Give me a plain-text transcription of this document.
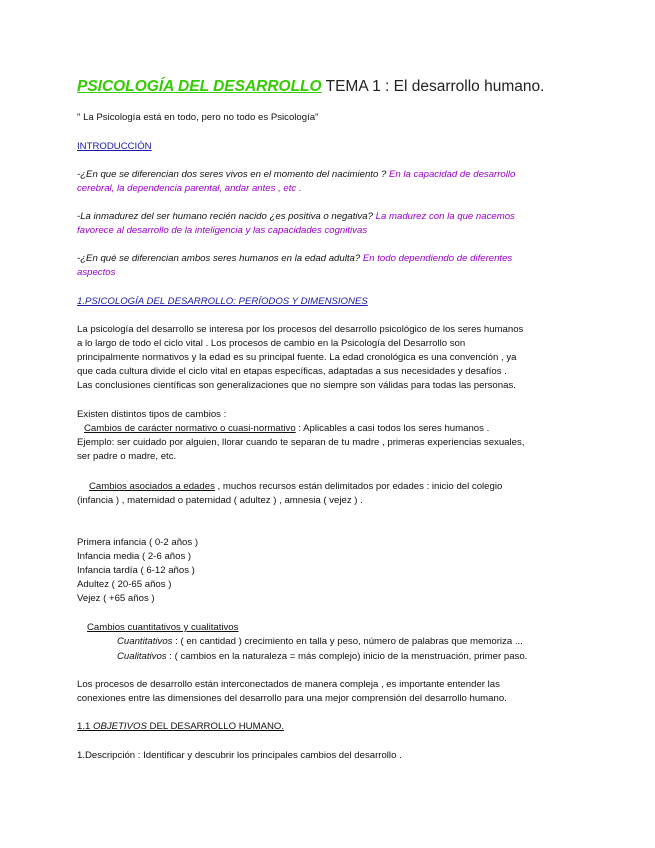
PSICOLOGÍA DEL DESARROLLO TEMA 1 : El desarrollo humano.
" La Psicología está en todo, pero no todo es Psicología"
INTRODUCCIÓN
-¿En que se diferencian dos seres vivos en el momento del nacimiento ? En la capacidad de desarrollo
cerebral, la dependencia parental, andar antes , etc .
-La inmadurez del ser humano recién nacido ¿es positiva o negativa? La madurez con la que nacemos
favorece al desarrollo de la inteligencia y las capacidades cognitivas
-¿En qué se diferencian ambos seres humanos en la edad adulta? En todo dependiendo de diferentes
aspectos
1.PSICOLOGÍA DEL DESARROLLO: PERÍODOS Y DIMENSIONES
La psicología del desarrollo se interesa por los procesos del desarrollo psicológico de los seres humanos
a lo largo de todo el ciclo vital . Los procesos de cambio en la Psicología del Desarrollo son
principalmente normativos y la edad es su principal fuente. La edad cronológica es una convención , ya
que cada cultura divide el ciclo vital en etapas específicas, adaptadas a sus necesidades y desafíos .
Las conclusiones científicas son generalizaciones que no siempre son válidas para todas las personas.
Existen distintos tipos de cambios :
Cambios de carácter normativo o cuasi-normativo : Aplicables a casi todos los seres humanos .
Ejemplo: ser cuidado por alguien, llorar cuando te separan de tu madre , primeras experiencias sexuales,
ser padre o madre, etc.
Cambios asociados a edades , muchos recursos están delimitados por edades : inicio del colegio
(infancia ) , maternidad o paternidad ( adultez ) , amnesia ( vejez ) .
Primera infancia ( 0-2 años )
Infancia media ( 2-6 años )
Infancia tardía ( 6-12 años )
Adultez ( 20-65 años )
Vejez ( +65 años )
Cambios cuantitativos y cualitativos
Cuantitativos : ( en cantidad ) crecimiento en talla y peso, número de palabras que memoriza ...
Cualitativos : ( cambios en la naturaleza = más complejo) inicio de la menstruación, primer paso.
Los procesos de desarrollo están interconectados de manera compleja , es importante entender las
conexiones entre las dimensiones del desarrollo para una mejor comprensión del desarrollo humano.
1.1 OBJETIVOS DEL DESARROLLO HUMANO.
1.Descripción : Identificar y descubrir los principales cambios del desarrollo .
